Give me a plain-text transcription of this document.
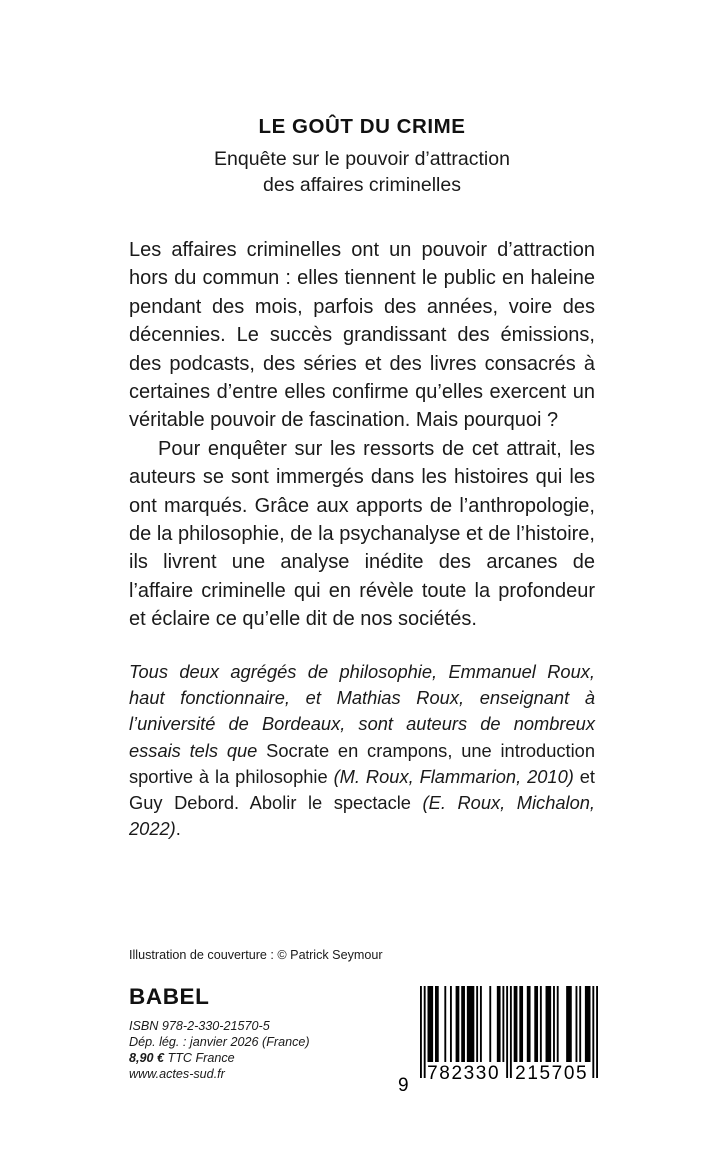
LE GOÛT DU CRIME

Enquête sur le pouvoir d’attraction
des affaires criminelles

Les affaires criminelles ont un pouvoir d’attraction hors du commun : elles tiennent le public en haleine pendant des mois, parfois des années, voire des décennies. Le succès grandissant des émissions, des podcasts, des séries et des livres consacrés à certaines d’entre elles confirme qu’elles exercent un véritable pouvoir de fascination. Mais pourquoi ?

Pour enquêter sur les ressorts de cet attrait, les auteurs se sont immergés dans les histoires qui les ont marqués. Grâce aux apports de l’anthropologie, de la philosophie, de la psychanalyse et de l’histoire, ils livrent une analyse inédite des arcanes de l’affaire criminelle qui en révèle toute la profondeur et éclaire ce qu’elle dit de nos sociétés.

Tous deux agrégés de philosophie, Emmanuel Roux, haut fonctionnaire, et Mathias Roux, enseignant à l’université de Bordeaux, sont auteurs de nombreux essais tels que Socrate en crampons, une introduction sportive à la philosophie (M. Roux, Flammarion, 2010) et Guy Debord. Abolir le spectacle (E. Roux, Michalon, 2022).

Illustration de couverture : © Patrick Seymour
BABEL
ISBN 978-2-330-21570-5
Dép. lég. : janvier 2026 (France)
8,90 € TTC France
www.actes-sud.fr
9
782330 215705
